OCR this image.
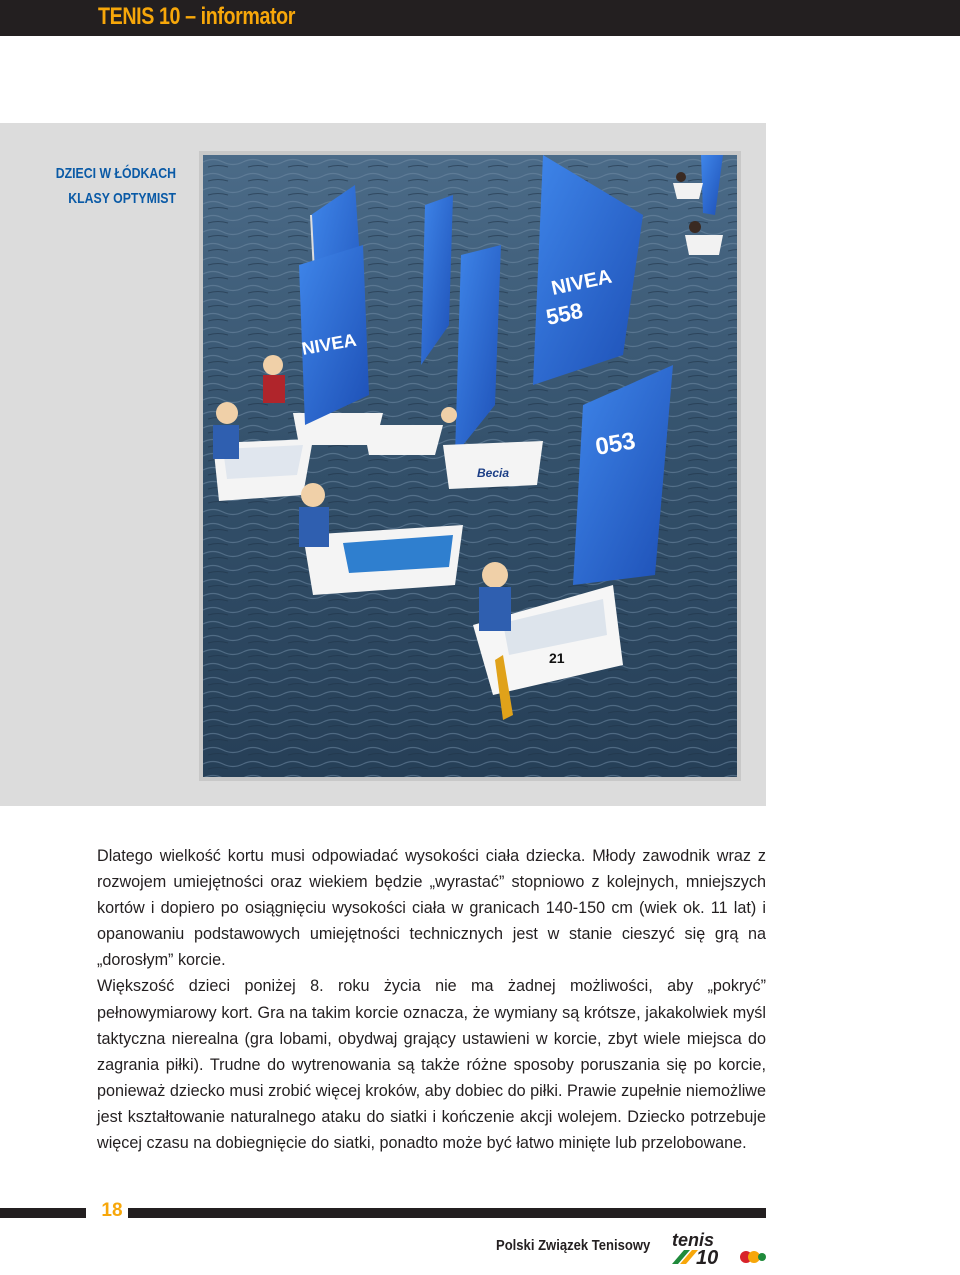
TENIS 10 – informator
DZIECI W ŁÓDKACH
KLASY OPTYMIST
NIVEA
558
NIVEA
Becia
053
21

Dlatego wielkość kortu musi odpowiadać wysokości ciała dziecka. Młody zawodnik wraz z rozwojem umiejętności oraz wiekiem będzie „wyrastać” stopniowo z kolejnych, mniejszych kortów i dopiero po osiągnięciu wysokości ciała w granicach 140-150 cm (wiek ok. 11 lat) i opanowaniu podstawowych umiejętności technicznych jest w stanie cieszyć się grą na „dorosłym” korcie.

Większość dzieci poniżej 8. roku życia nie ma żadnej możliwości, aby „pokryć” pełnowymiarowy kort. Gra na takim korcie oznacza, że wymiany są krótsze, jakakolwiek myśl taktyczna nierealna (gra lobami, obydwaj grający ustawieni w korcie, zbyt wiele miejsca do zagrania piłki). Trudne do wytrenowania są także różne sposoby poruszania się po korcie, ponieważ dziecko musi zrobić więcej kroków, aby dobiec do piłki. Prawie zupełnie niemożliwe jest kształtowanie naturalnego ataku do siatki i kończenie akcji wolejem. Dziecko potrzebuje więcej czasu na dobiegnięcie do siatki, ponadto może być łatwo minięte lub przelobowane.

18
Polski Związek Tenisowy tenis
10
